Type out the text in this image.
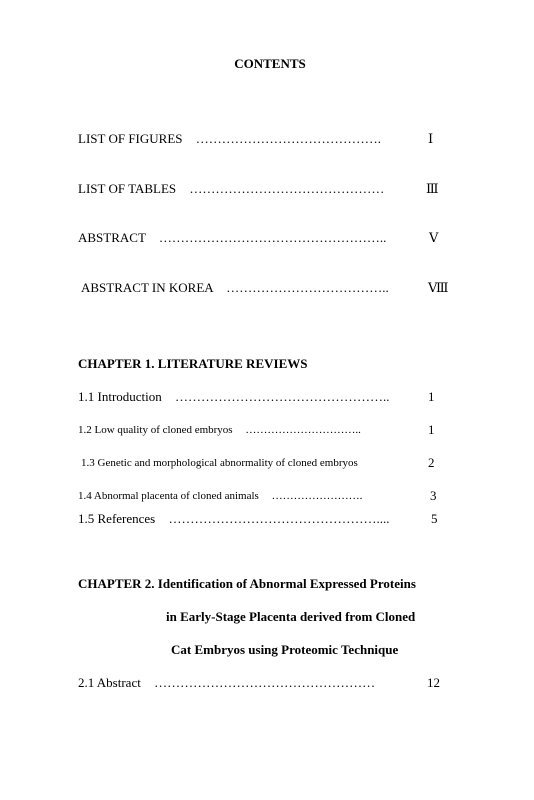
CONTENTS
LIST OF FIGURES …………………………………….	Ⅰ
LIST OF TABLES ………………………………………	Ⅲ
ABSTRACT ……………………………………………..	Ⅴ
ABSTRACT IN KOREA ………………………………..	Ⅷ
CHAPTER 1. LITERATURE REVIEWS
1.1 Introduction …………………………………………..	1
1.2 Low quality of cloned embryos …………………………..	1
1.3 Genetic and morphological abnormality of cloned embryos	2
1.4 Abnormal placenta of cloned animals …………………….	3
1.5 References …………………………………………....	5
CHAPTER 2. Identification of Abnormal Expressed Proteins
in Early-Stage Placenta derived from Cloned
Cat Embryos using Proteomic Technique
2.1 Abstract ……………………………………………	12
